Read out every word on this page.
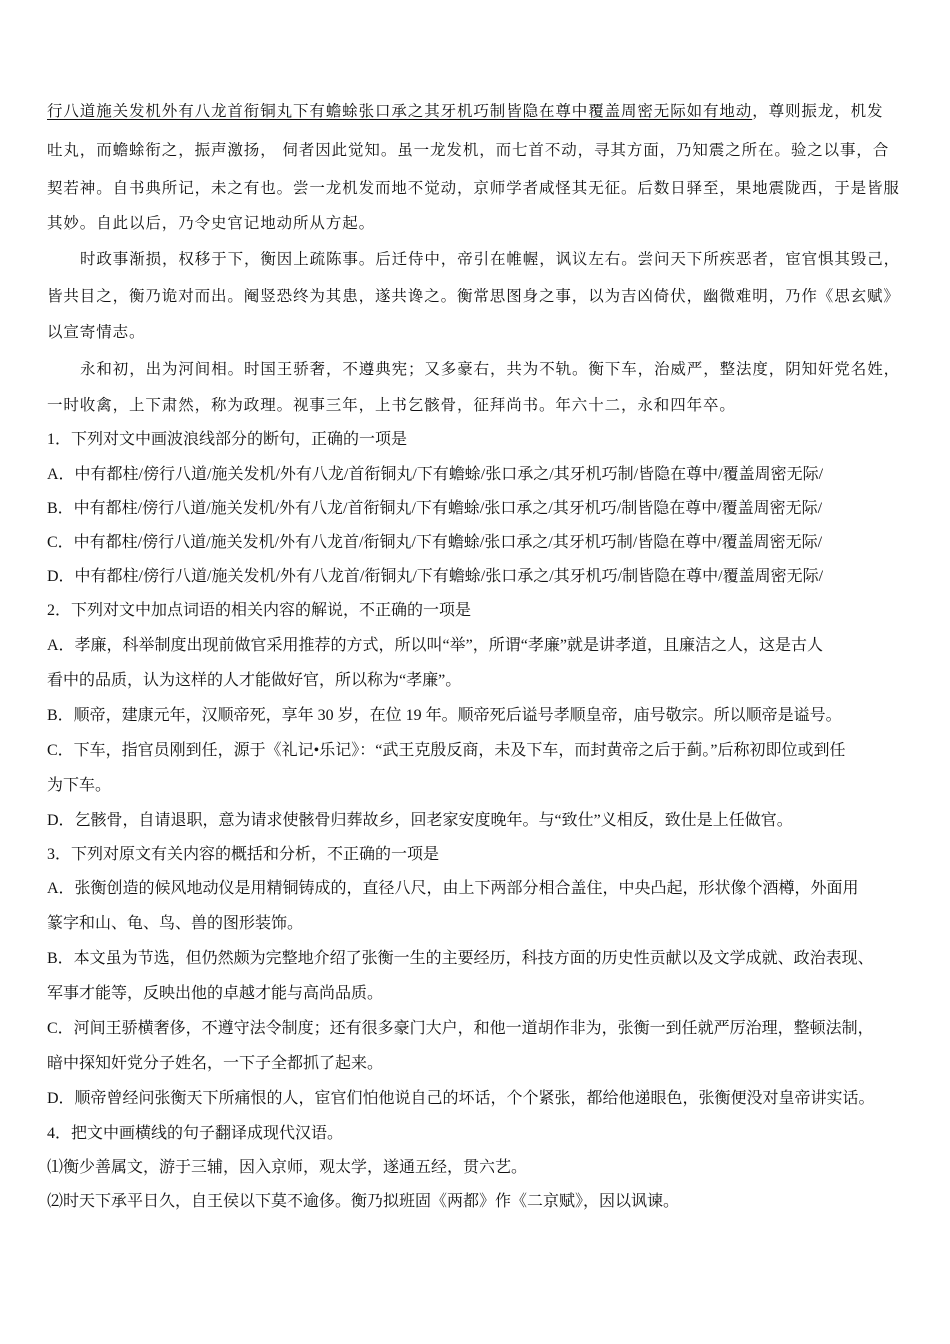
行八道施关发机外有八龙首衔铜丸下有蟾蜍张口承之其牙机巧制皆隐在尊中覆盖周密无际如有地动，尊则振龙，机发
吐丸，而蟾蜍衔之，振声激扬， 伺者因此觉知。虽一龙发机，而七首不动，寻其方面，乃知震之所在。验之以事，合
契若神。自书典所记，未之有也。尝一龙机发而地不觉动，京师学者咸怪其无征。后数日驿至，果地震陇西，于是皆服
其妙。自此以后，乃令史官记地动所从方起。
时政事渐损，权移于下，衡因上疏陈事。后迁侍中，帝引在帷幄，讽议左右。尝问天下所疾恶者，宦官惧其毁己，
皆共目之，衡乃诡对而出。阉竖恐终为其患，遂共谗之。衡常思图身之事，以为吉凶倚伏，幽微难明，乃作《思玄赋》
以宣寄情志。
永和初，出为河间相。时国王骄奢，不遵典宪；又多豪右，共为不轨。衡下车，治威严，整法度，阴知奸党名姓，
一时收禽，上下肃然，称为政理。视事三年，上书乞骸骨，征拜尚书。年六十二，永和四年卒。
1．下列对文中画波浪线部分的断句，正确的一项是
A．中有都柱/傍行八道/施关发机/外有八龙/首衔铜丸/下有蟾蜍/张口承之/其牙机巧制/皆隐在尊中/覆盖周密无际/
B．中有都柱/傍行八道/施关发机/外有八龙/首衔铜丸/下有蟾蜍/张口承之/其牙机巧/制皆隐在尊中/覆盖周密无际/
C．中有都柱/傍行八道/施关发机/外有八龙首/衔铜丸/下有蟾蜍/张口承之/其牙机巧制/皆隐在尊中/覆盖周密无际/
D．中有都柱/傍行八道/施关发机/外有八龙首/衔铜丸/下有蟾蜍/张口承之/其牙机巧/制皆隐在尊中/覆盖周密无际/
2．下列对文中加点词语的相关内容的解说，不正确的一项是
A．孝廉，科举制度出现前做官采用推荐的方式，所以叫“举”，所谓“孝廉”就是讲孝道，且廉洁之人，这是古人
看中的品质，认为这样的人才能做好官，所以称为“孝廉”。
B．顺帝，建康元年，汉顺帝死，享年 30 岁，在位 19 年。顺帝死后谥号孝顺皇帝，庙号敬宗。所以顺帝是谥号。
C．下车，指官员刚到任，源于《礼记•乐记》：“武王克殷反商，未及下车，而封黄帝之后于蓟。”后称初即位或到任
为下车。
D．乞骸骨，自请退职，意为请求使骸骨归葬故乡，回老家安度晚年。与“致仕”义相反，致仕是上任做官。
3．下列对原文有关内容的概括和分析，不正确的一项是
A．张衡创造的候风地动仪是用精铜铸成的，直径八尺，由上下两部分相合盖住，中央凸起，形状像个酒樽，外面用
篆字和山、龟、鸟、兽的图形装饰。
B．本文虽为节选，但仍然颇为完整地介绍了张衡一生的主要经历，科技方面的历史性贡献以及文学成就、政治表现、
军事才能等，反映出他的卓越才能与高尚品质。
C．河间王骄横奢侈，不遵守法令制度；还有很多豪门大户，和他一道胡作非为，张衡一到任就严厉治理，整顿法制，
暗中探知奸党分子姓名，一下子全都抓了起来。
D．顺帝曾经问张衡天下所痛恨的人，宦官们怕他说自己的坏话，个个紧张，都给他递眼色，张衡便没对皇帝讲实话。
4．把文中画横线的句子翻译成现代汉语。
⑴衡少善属文，游于三辅，因入京师，观太学，遂通五经，贯六艺。
⑵时天下承平日久，自王侯以下莫不逾侈。衡乃拟班固《两都》作《二京赋》，因以讽谏。
